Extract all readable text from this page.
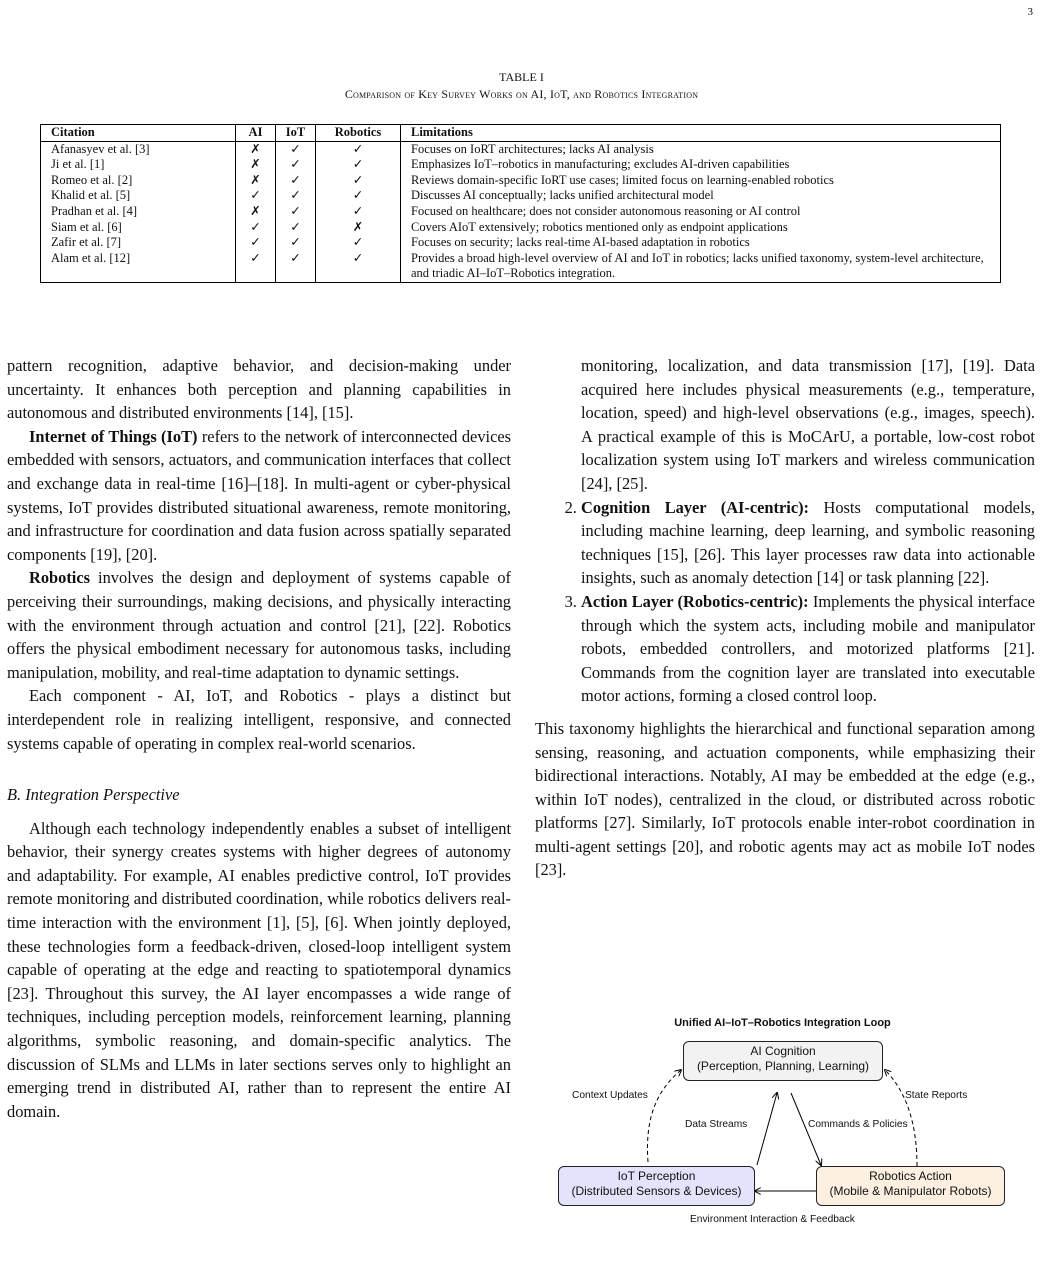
3
TABLE I
Comparison of Key Survey Works on AI, IoT, and Robotics Integration
Citation	AI	IoT	Robotics	Limitations
Afanasyev et al. [3]	✗	✓	✓	Focuses on IoRT architectures; lacks AI analysis
Ji et al. [1]	✗	✓	✓	Emphasizes IoT–robotics in manufacturing; excludes AI-driven capabilities
Romeo et al. [2]	✗	✓	✓	Reviews domain-specific IoRT use cases; limited focus on learning-enabled robotics
Khalid et al. [5]	✓	✓	✓	Discusses AI conceptually; lacks unified architectural model
Pradhan et al. [4]	✗	✓	✓	Focused on healthcare; does not consider autonomous reasoning or AI control
Siam et al. [6]	✓	✓	✗	Covers AIoT extensively; robotics mentioned only as endpoint applications
Zafir et al. [7]	✓	✓	✓	Focuses on security; lacks real-time AI-based adaptation in robotics
Alam et al. [12]	✓	✓	✓	Provides a broad high-level overview of AI and IoT in robotics; lacks unified taxonomy, system-level architecture, and triadic AI–IoT–Robotics integration.

pattern recognition, adaptive behavior, and decision-making under uncertainty. It enhances both perception and planning capabilities in autonomous and distributed environments [14], [15].

Internet of Things (IoT) refers to the network of interconnected devices embedded with sensors, actuators, and communication interfaces that collect and exchange data in real-time [16]–[18]. In multi-agent or cyber-physical systems, IoT provides distributed situational awareness, remote monitoring, and infrastructure for coordination and data fusion across spatially separated components [19], [20].

Robotics involves the design and deployment of systems capable of perceiving their surroundings, making decisions, and physically interacting with the environment through actuation and control [21], [22]. Robotics offers the physical embodiment necessary for autonomous tasks, including manipulation, mobility, and real-time adaptation to dynamic settings.

Each component - AI, IoT, and Robotics - plays a distinct but interdependent role in realizing intelligent, responsive, and connected systems capable of operating in complex real-world scenarios.

B. Integration Perspective

Although each technology independently enables a subset of intelligent behavior, their synergy creates systems with higher degrees of autonomy and adaptability. For example, AI enables predictive control, IoT provides remote monitoring and distributed coordination, while robotics delivers real-time interaction with the environment [1], [5], [6]. When jointly deployed, these technologies form a feedback-driven, closed-loop intelligent system capable of operating at the edge and reacting to spatiotemporal dynamics [23]. Throughout this survey, the AI layer encompasses a wide range of techniques, including perception models, reinforcement learning, planning algorithms, symbolic reasoning, and domain-specific analytics. The discussion of SLMs and LLMs in later sections serves only to highlight an emerging trend in distributed AI, rather than to represent the entire AI domain.

monitoring, localization, and data transmission [17], [19]. Data acquired here includes physical measurements (e.g., temperature, location, speed) and high-level observations (e.g., images, speech). A practical example of this is MoCArU, a portable, low-cost robot localization system using IoT markers and wireless communication [24], [25].

2. Cognition Layer (AI-centric): Hosts computational models, including machine learning, deep learning, and symbolic reasoning techniques [15], [26]. This layer processes raw data into actionable insights, such as anomaly detection [14] or task planning [22].
3. Action Layer (Robotics-centric): Implements the physical interface through which the system acts, including mobile and manipulator robots, embedded controllers, and motorized platforms [21]. Commands from the cognition layer are translated into executable motor actions, forming a closed control loop.

This taxonomy highlights the hierarchical and functional separation among sensing, reasoning, and actuation components, while emphasizing their bidirectional interactions. Notably, AI may be embedded at the edge (e.g., within IoT nodes), centralized in the cloud, or distributed across robotic platforms [27]. Similarly, IoT protocols enable inter-robot coordination in multi-agent settings [20], and robotic agents may act as mobile IoT nodes [23].

Unified AI–IoT–Robotics Integration Loop
AI Cognition
(Perception, Planning, Learning)
IoT Perception
(Distributed Sensors & Devices)
Robotics Action
(Mobile & Manipulator Robots)
Context Updates	State Reports
Data Streams	Commands & Policies
Environment Interaction & Feedback
